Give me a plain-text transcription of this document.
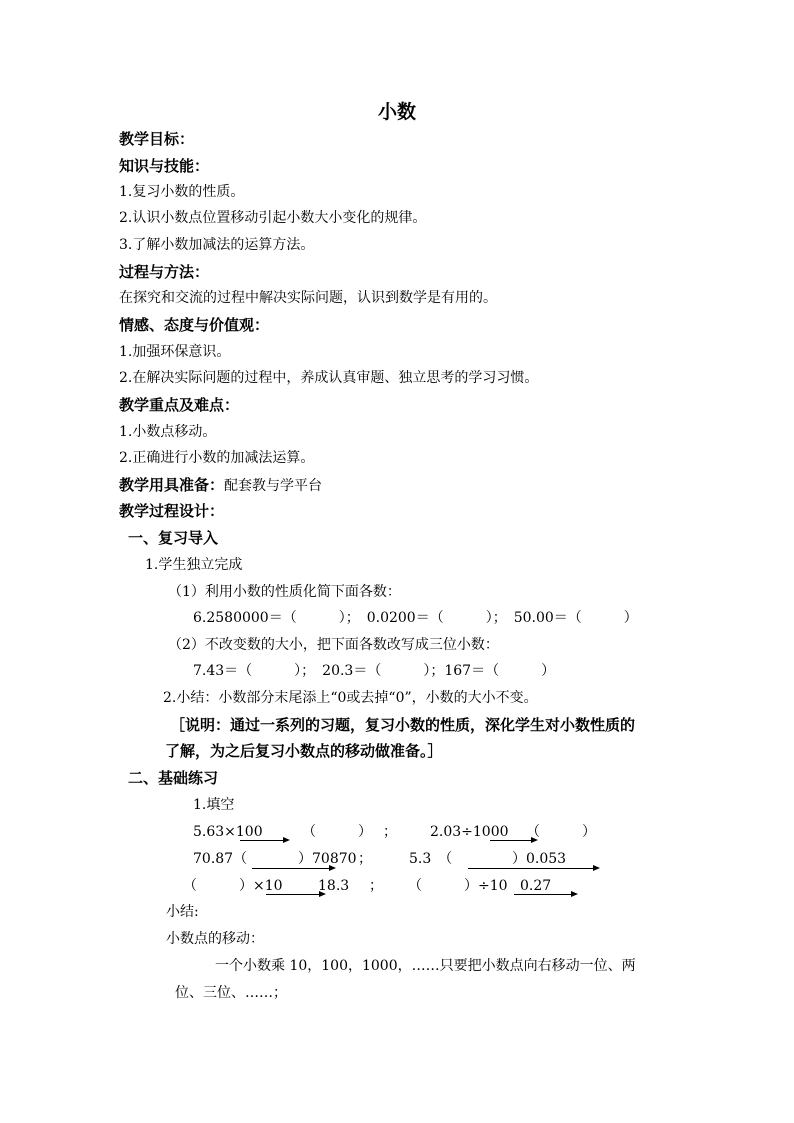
小数
教学目标：
知识与技能：
1.复习小数的性质。
2.认识小数点位置移动引起小数大小变化的规律。
3.了解小数加减法的运算方法。
过程与方法：
在探究和交流的过程中解决实际问题，认识到数学是有用的。
情感、态度与价值观：
1.加强环保意识。
2.在解决实际问题的过程中，养成认真审题、独立思考的学习习惯。
教学重点及难点：
1.小数点移动。
2.正确进行小数的加减法运算。
教学用具准备：配套教与学平台
教学过程设计：
一、复习导入
1.学生独立完成
（1）利用小数的性质化简下面各数：
6.2580000＝（　　　）；　0.0200＝（　　　）；　50.00＝（　　　）
（2）不改变数的大小，把下面各数改写成三位小数：
7.43＝（　　　）；　20.3＝（　　　）；167＝（　　　）
2.小结：小数部分末尾添上“0或去掉“0”，小数的大小不变。
［说明：通过一系列的习题，复习小数的性质，深化学生对小数性质的
了解，为之后复习小数点的移动做准备。］
二、基础练习
1.填空
5.63×100	（　　　） ； 2.03÷1000 （　　　）
70.87（	）70870 ；	5.3　（	）0.053
（　　　）×10	18.3 ； （　　　）÷10 0.27
小结:
小数点的移动：
一个小数乘 10，100，1000，……只要把小数点向右移动一位、两
位、三位、……；
